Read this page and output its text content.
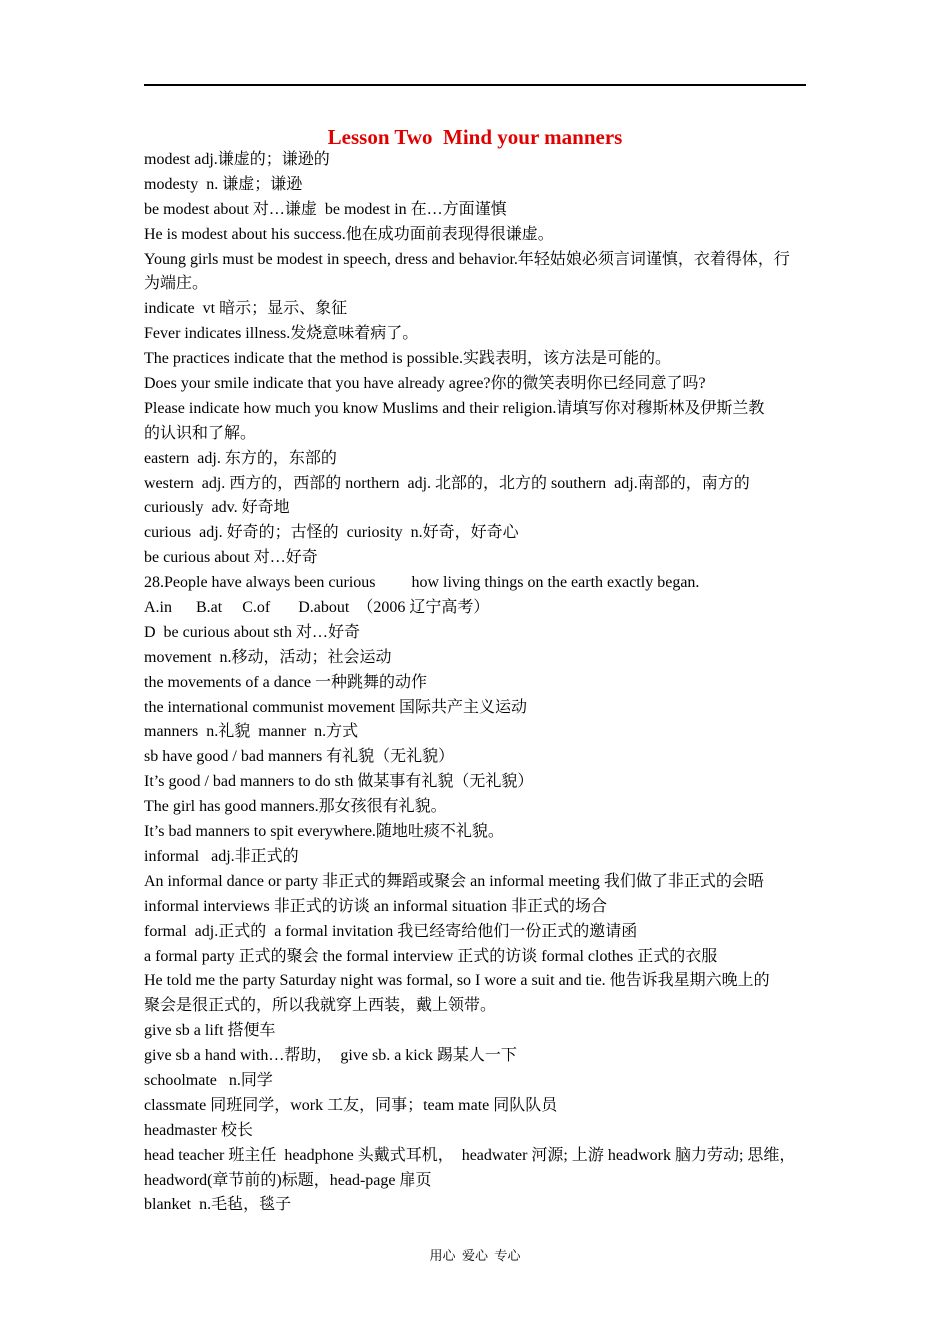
Lesson Two  Mind your manners
modest adj.谦虚的；谦逊的
modesty  n. 谦虚；谦逊
be modest about 对…谦虚  be modest in 在…方面谨慎
He is modest about his success.他在成功面前表现得很谦虚。
Young girls must be modest in speech, dress and behavior.年轻姑娘必须言词谨慎，衣着得体，行
为端庄。
indicate  vt 暗示；显示、象征
Fever indicates illness.发烧意味着病了。
The practices indicate that the method is possible.实践表明，该方法是可能的。
Does your smile indicate that you have already agree?你的微笑表明你已经同意了吗?
Please indicate how much you know Muslims and their religion.请填写你对穆斯林及伊斯兰教
的认识和了解。
eastern  adj. 东方的，东部的
western  adj. 西方的，西部的 northern  adj. 北部的，北方的 southern  adj.南部的，南方的
curiously  adv. 好奇地
curious  adj. 好奇的；古怪的  curiosity  n.好奇，好奇心
be curious about 对…好奇
28.People have always been curious         how living things on the earth exactly began.
A.in      B.at     C.of       D.about  （2006 辽宁高考）
D  be curious about sth 对…好奇
movement  n.移动，活动；社会运动
the movements of a dance 一种跳舞的动作
the international communist movement 国际共产主义运动
manners  n.礼貌  manner  n.方式
sb have good / bad manners 有礼貌（无礼貌）
It’s good / bad manners to do sth 做某事有礼貌（无礼貌）
The girl has good manners.那女孩很有礼貌。
It’s bad manners to spit everywhere.随地吐痰不礼貌。
informal   adj.非正式的
An informal dance or party 非正式的舞蹈或聚会 an informal meeting 我们做了非正式的会晤
informal interviews 非正式的访谈 an informal situation 非正式的场合
formal  adj.正式的  a formal invitation 我已经寄给他们一份正式的邀请函
a formal party 正式的聚会 the formal interview 正式的访谈 formal clothes 正式的衣服
He told me the party Saturday night was formal, so I wore a suit and tie. 他告诉我星期六晚上的
聚会是很正式的，所以我就穿上西装，戴上领带。
give sb a lift 搭便车
give sb a hand with…帮助，  give sb. a kick 踢某人一下
schoolmate   n.同学
classmate 同班同学，work 工友，同事；team mate 同队队员
headmaster 校长
head teacher 班主任  headphone 头戴式耳机，  headwater 河源; 上游 headwork 脑力劳动; 思维，
headword(章节前的)标题，head-page 扉页
blanket  n.毛毡，毯子
用心  爱心  专心
